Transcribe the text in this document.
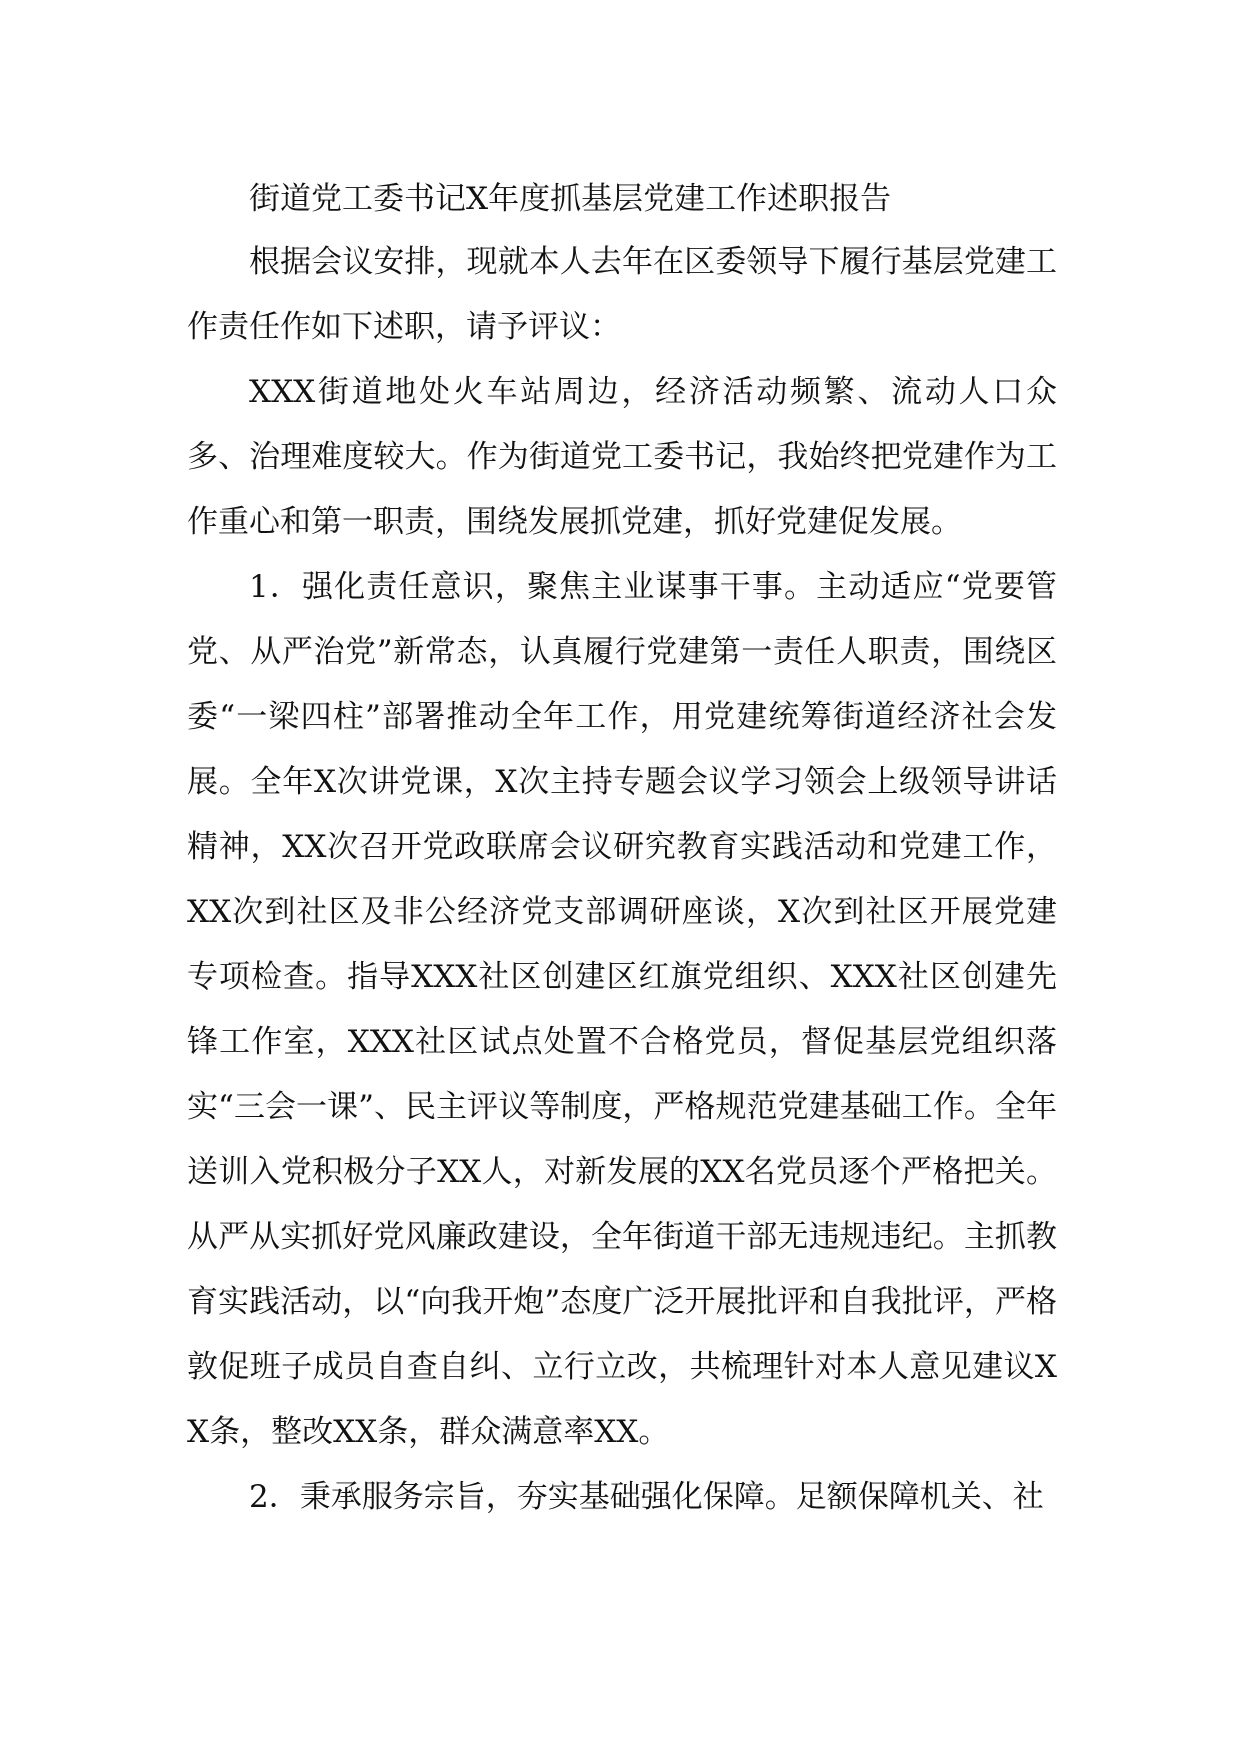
街道党工委书记X年度抓基层党建工作述职报告

根据会议安排，现就本人去年在区委领导下履行基层党建工作责任作如下述职，请予评议：

XXX街道地处火车站周边，经济活动频繁、流动人口众多、治理难度较大。作为街道党工委书记，我始终把党建作为工作重心和第一职责，围绕发展抓党建，抓好党建促发展。

1．强化责任意识，聚焦主业谋事干事。主动适应“党要管党、从严治党”新常态，认真履行党建第一责任人职责，围绕区委“一梁四柱”部署推动全年工作，用党建统筹街道经济社会发展。全年X次讲党课，X次主持专题会议学习领会上级领导讲话精神，XX次召开党政联席会议研究教育实践活动和党建工作，XX次到社区及非公经济党支部调研座谈，X次到社区开展党建专项检查。指导XXX社区创建区红旗党组织、XXX社区创建先锋工作室，XXX社区试点处置不合格党员，督促基层党组织落实“三会一课”、民主评议等制度，严格规范党建基础工作。全年送训入党积极分子XX人，对新发展的XX名党员逐个严格把关。从严从实抓好党风廉政建设，全年街道干部无违规违纪。主抓教育实践活动，以“向我开炮”态度广泛开展批评和自我批评，严格敦促班子成员自查自纠、立行立改，共梳理针对本人意见建议XX条，整改XX条，群众满意率XX。

2．秉承服务宗旨，夯实基础强化保障。足额保障机关、社
